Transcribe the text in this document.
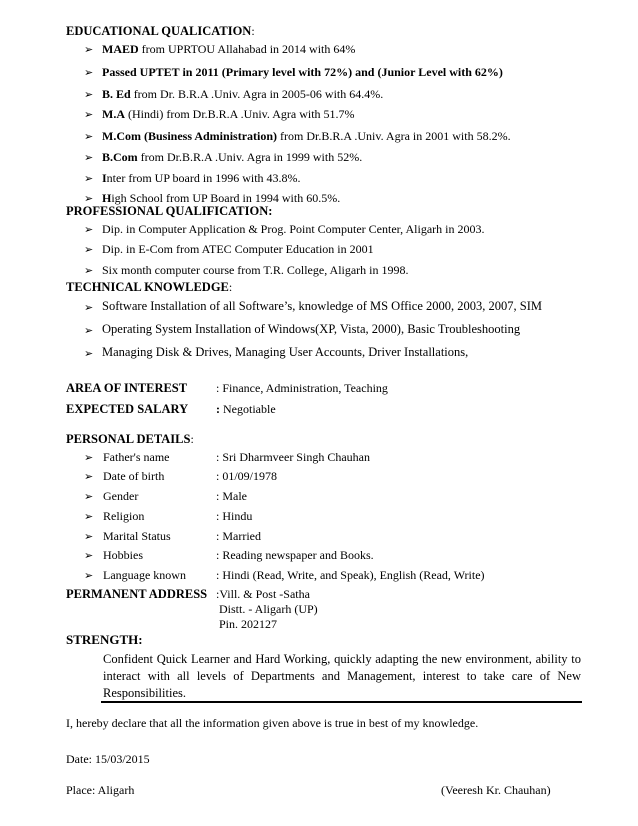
EDUCATIONAL QUALICATION:
➢ MAED from UPRTOU Allahabad in 2014 with 64%
➢ Passed UPTET in 2011 (Primary level with 72%) and (Junior Level with 62%)
➢ B. Ed from Dr. B.R.A .Univ. Agra in 2005-06 with 64.4%.
➢ M.A (Hindi) from Dr.B.R.A .Univ. Agra with 51.7%
➢ M.Com (Business Administration) from Dr.B.R.A .Univ. Agra in 2001 with 58.2%.
➢ B.Com from Dr.B.R.A .Univ. Agra in 1999 with 52%.
➢ Inter from UP board in 1996 with 43.8%.
➢ High School from UP Board in 1994 with 60.5%.
PROFESSIONAL QUALIFICATION:
➢ Dip. in Computer Application & Prog. Point Computer Center, Aligarh in 2003.
➢ Dip. in E-Com from ATEC Computer Education in 2001
➢ Six month computer course from T.R. College, Aligarh in 1998.
TECHNICAL KNOWLEDGE:
➢ Software Installation of all Software’s, knowledge of MS Office 2000, 2003, 2007, SIM
➢ Operating System Installation of Windows(XP, Vista, 2000), Basic Troubleshooting
➢ Managing Disk & Drives, Managing User Accounts, Driver Installations,
AREA OF INTEREST : Finance, Administration, Teaching
EXPECTED SALARY : Negotiable
PERSONAL DETAILS:
➢ Father's name	: Sri Dharmveer Singh Chauhan
➢ Date of birth	: 01/09/1978
➢ Gender	: Male
➢ Religion	: Hindu
➢ Marital Status	: Married
➢ Hobbies	: Reading newspaper and Books.
➢ Language known	: Hindi (Read, Write, and Speak), English (Read, Write)
PERMANENT ADDRESS :Vill. & Post -Satha
Distt. - Aligarh (UP)
Pin. 202127
STRENGTH:
Confident Quick Learner and Hard Working, quickly adapting the new environment, ability to interact with all levels of Departments and Management, interest to take care of New Responsibilities.
I, hereby declare that all the information given above is true in best of my knowledge.
Date: 15/03/2015
Place: Aligarh	(Veeresh Kr. Chauhan)
